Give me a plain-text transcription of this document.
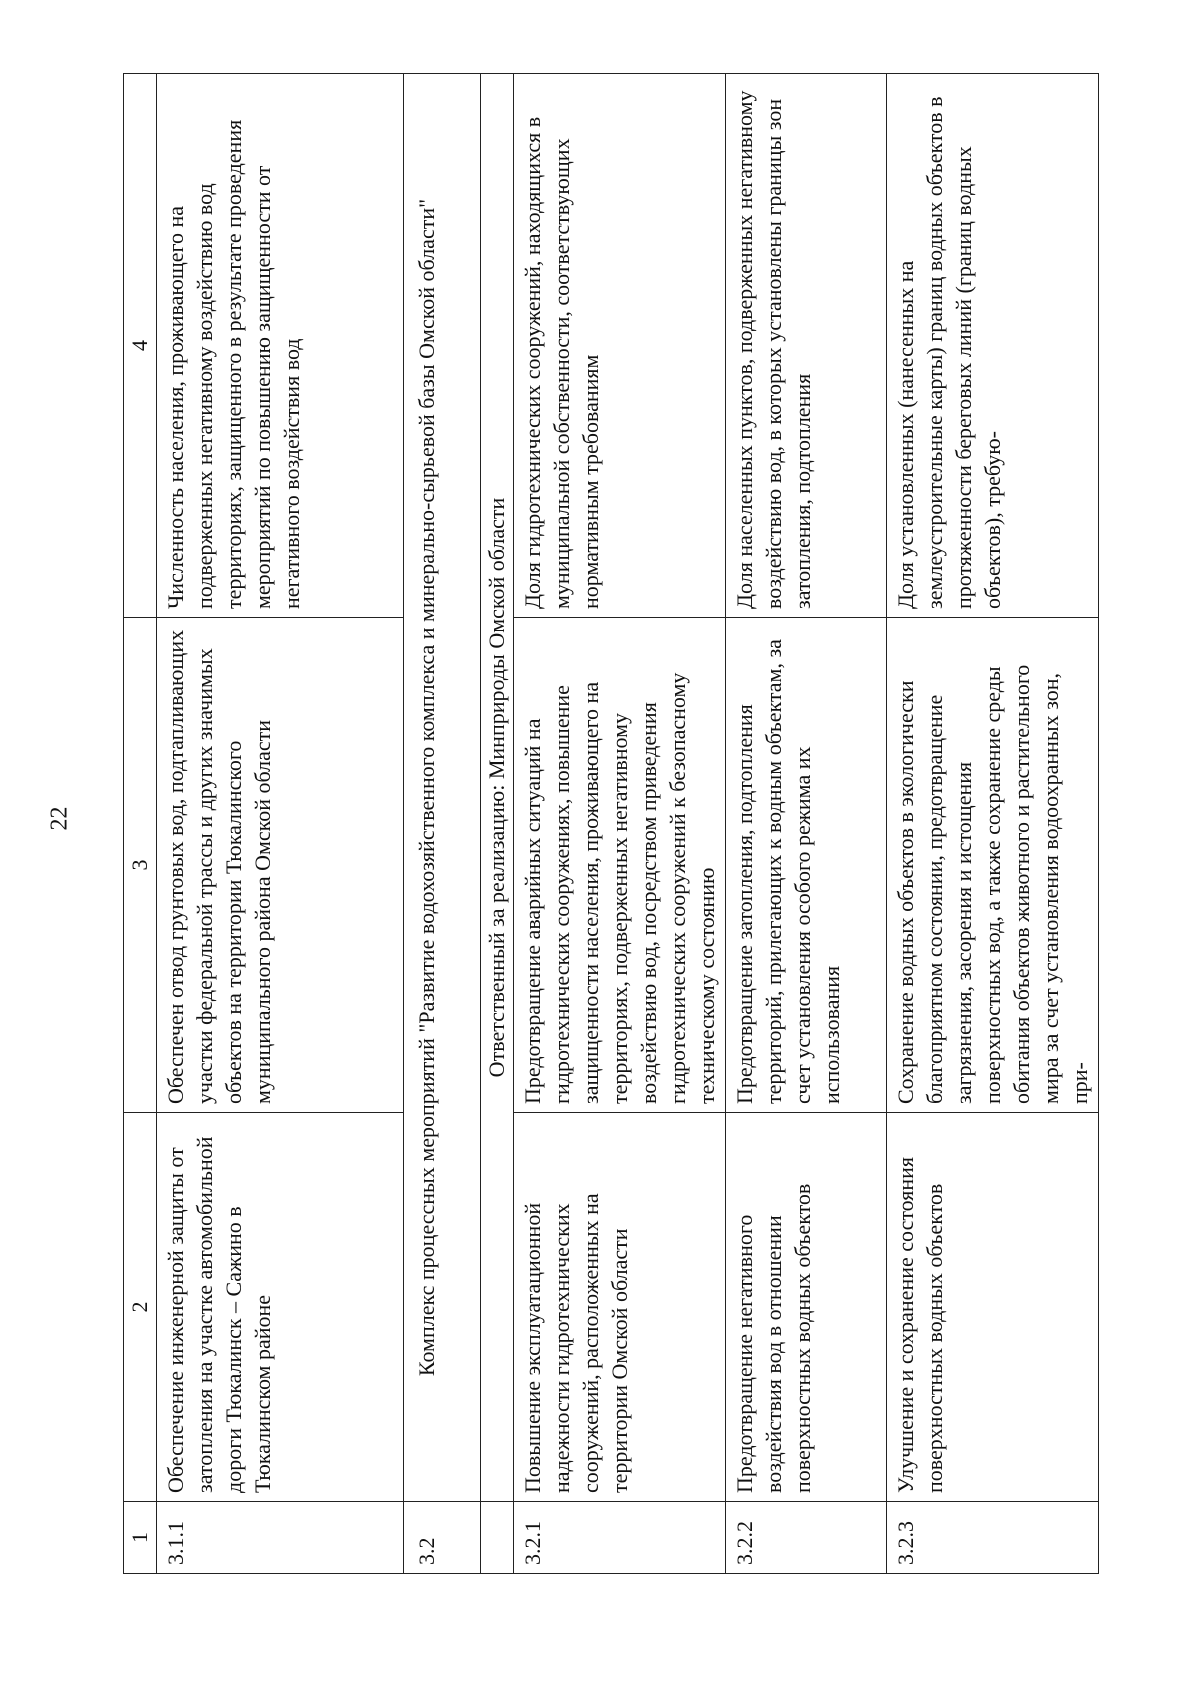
22
1	2	3	4
3.1.1	Обеспечение инженерной защиты от затопления на участке автомобильной дороги Тюкалинск – Сажино в Тюкалинском районе	Обеспечен отвод грунтовых вод, подтапливающих участки федеральной трассы и других значимых объектов на территории Тюкалинского муниципального района Омской области	Численность населения, проживающего на подверженных негативному воздействию вод территориях, защищенного в результате проведения мероприятий по повышению защищенности от негативного воздействия вод
3.2	Комплекс процессных мероприятий "Развитие водохозяйственного комплекса и минерально-сырьевой базы Омской области"		
	Ответственный за реализацию: Минприроды Омской области		
3.2.1	Повышение эксплуатационной надежности гидротехнических сооружений, расположенных на территории Омской области	Предотвращение аварийных ситуаций на гидротехнических сооружениях, повышение защищенности населения, проживающего на территориях, подверженных негативному воздействию вод, посредством приведения гидротехнических сооружений к безопасному техническому состоянию	Доля гидротехнических сооружений, находящихся в муниципальной собственности, соответствующих нормативным требованиям
3.2.2	Предотвращение негативного воздействия вод в отношении поверхностных водных объектов	Предотвращение затопления, подтопления территорий, прилегающих к водным объектам, за счет установления особого режима их использования	Доля населенных пунктов, подверженных негативному воздействию вод, в которых установлены границы зон затопления, подтопления
3.2.3	Улучшение и сохранение состояния поверхностных водных объектов	Сохранение водных объектов в экологически благоприятном состоянии, предотвращение загрязнения, засорения и истощения поверхностных вод, а также сохранение среды обитания объектов животного и растительного мира за счет установления водоохранных зон, при-	Доля установленных (нанесенных на землеустроительные карты) границ водных объектов в протяженности береговых линий (границ водных объектов), требую-
